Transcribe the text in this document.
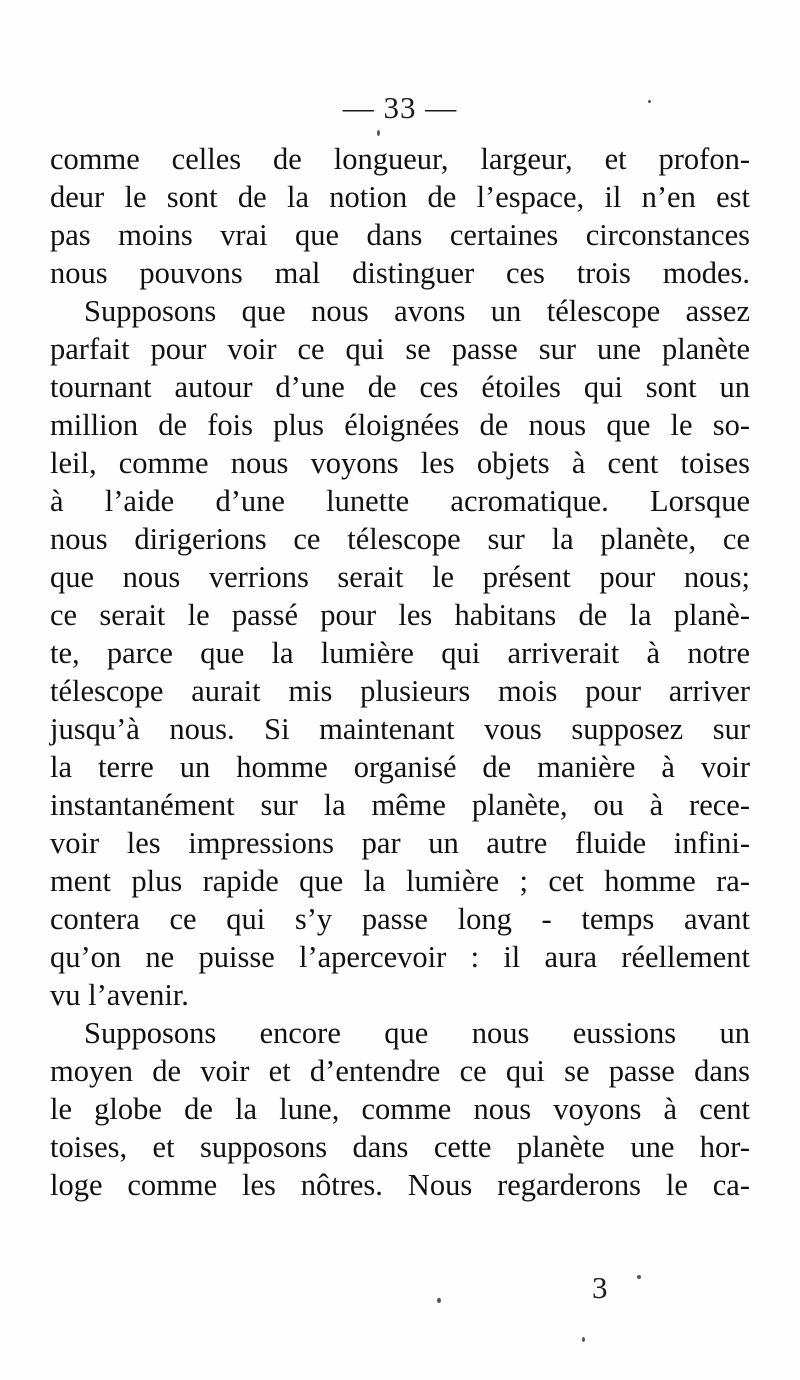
— 33 —
comme celles de longueur, largeur, et profon-
deur le sont de la notion de l’espace, il n’en est
pas moins vrai que dans certaines circonstances
nous pouvons mal distinguer ces trois modes.
Supposons que nous avons un télescope assez
parfait pour voir ce qui se passe sur une planète
tournant autour d’une de ces étoiles qui sont un
million de fois plus éloignées de nous que le so-
leil, comme nous voyons les objets à cent toises
à l’aide d’une lunette acromatique. Lorsque
nous dirigerions ce télescope sur la planète, ce
que nous verrions serait le présent pour nous;
ce serait le passé pour les habitans de la planè-
te, parce que la lumière qui arriverait à notre
télescope aurait mis plusieurs mois pour arriver
jusqu’à nous. Si maintenant vous supposez sur
la terre un homme organisé de manière à voir
instantanément sur la même planète, ou à rece-
voir les impressions par un autre fluide infini-
ment plus rapide que la lumière ; cet homme ra-
contera ce qui s’y passe long - temps avant
qu’on ne puisse l’apercevoir : il aura réellement
vu l’avenir.
Supposons encore que nous eussions un
moyen de voir et d’entendre ce qui se passe dans
le globe de la lune, comme nous voyons à cent
toises, et supposons dans cette planète une hor-
loge comme les nôtres. Nous regarderons le ca-
3
